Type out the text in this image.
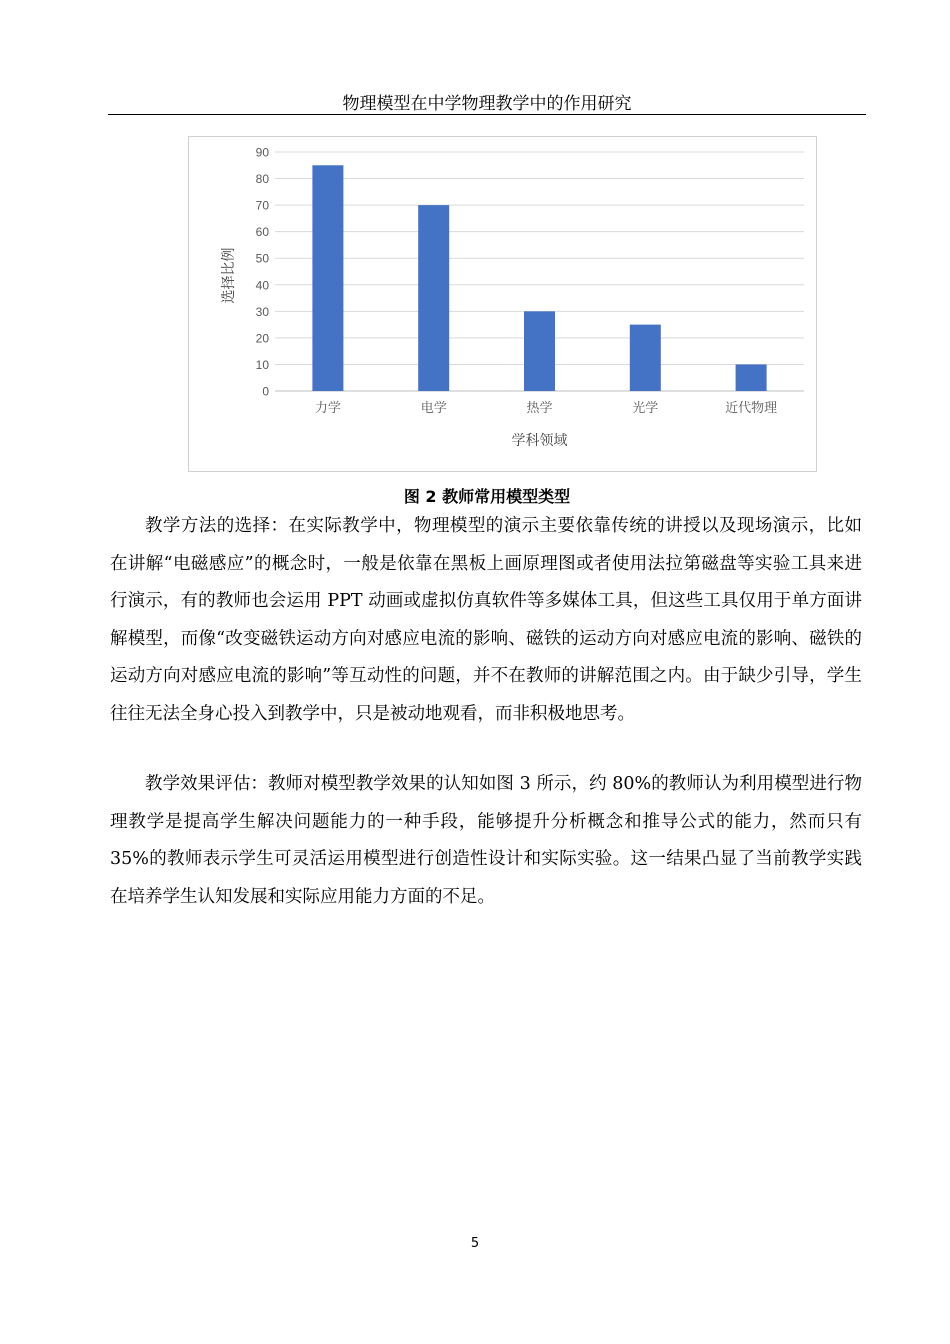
物理模型在中学物理教学中的作用研究
0
10
20
30
40
50
60
70
80
90
力学	电学	热学	光学	近代物理
选择比例
学科领域
图 2 教师常用模型类型

教学方法的选择：在实际教学中，物理模型的演示主要依靠传统的讲授以及现场演示，比如在讲解“电磁感应”的概念时，一般是依靠在黑板上画原理图或者使用法拉第磁盘等实验工具来进行演示，有的教师也会运用 PPT 动画或虚拟仿真软件等多媒体工具，但这些工具仅用于单方面讲解模型，而像“改变磁铁运动方向对感应电流的影响、磁铁的运动方向对感应电流的影响、磁铁的运动方向对感应电流的影响”等互动性的问题，并不在教师的讲解范围之内。由于缺少引导，学生往往无法全身心投入到教学中，只是被动地观看，而非积极地思考。

教学效果评估：教师对模型教学效果的认知如图 3 所示，约 80%的教师认为利用模型进行物理教学是提高学生解决问题能力的一种手段，能够提升分析概念和推导公式的能力，然而只有 35%的教师表示学生可灵活运用模型进行创造性设计和实际实验。这一结果凸显了当前教学实践在培养学生认知发展和实际应用能力方面的不足。

5
